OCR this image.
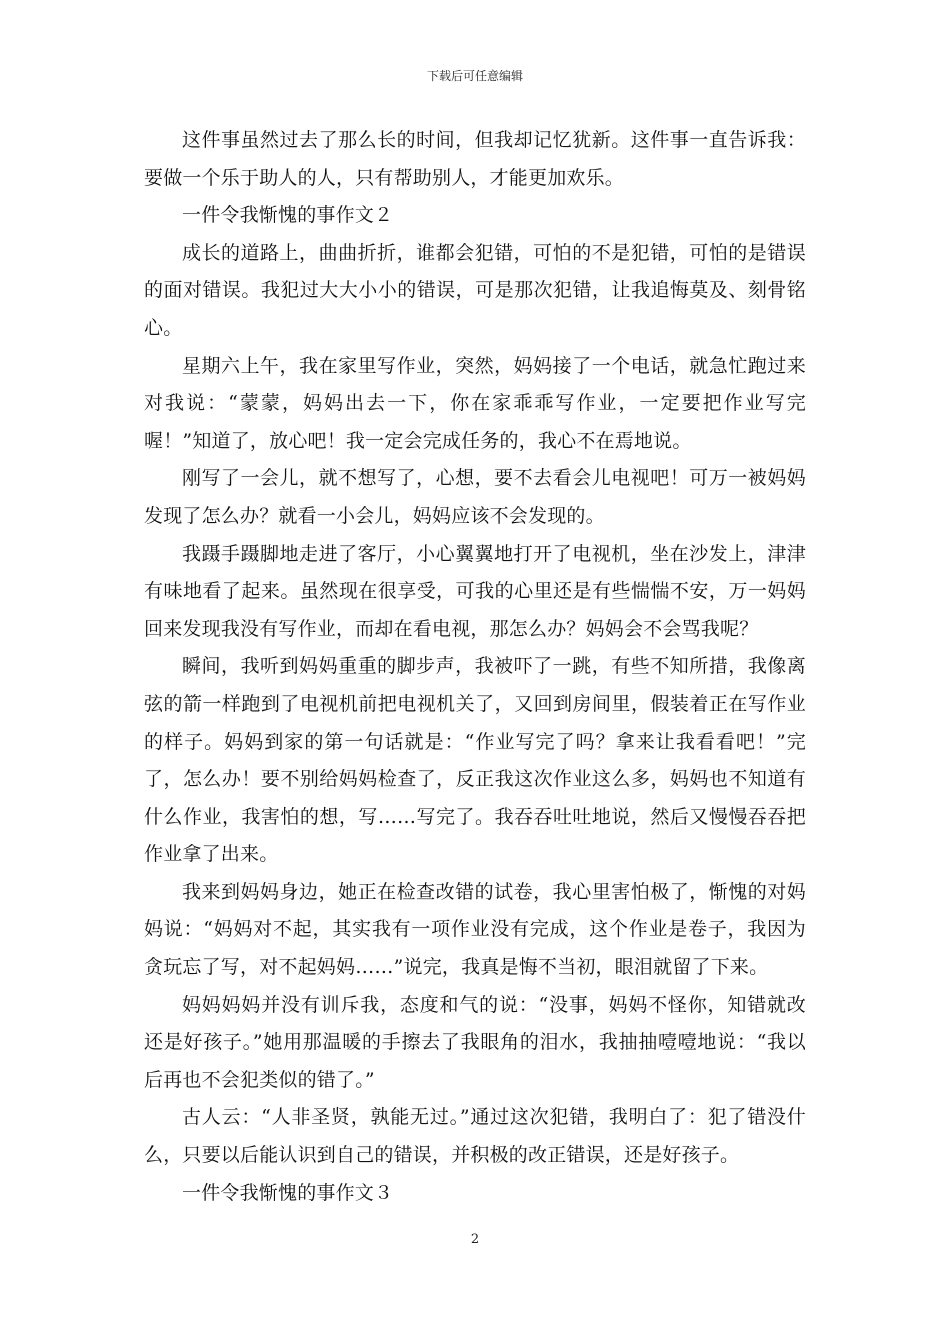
下载后可任意编辑

这件事虽然过去了那么长的时间，但我却记忆犹新。这件事一直告诉我：要做一个乐于助人的人，只有帮助别人，才能更加欢乐。

一件令我惭愧的事作文２

成长的道路上，曲曲折折，谁都会犯错，可怕的不是犯错，可怕的是错误的面对错误。我犯过大大小小的错误，可是那次犯错，让我追悔莫及、刻骨铭心。

星期六上午，我在家里写作业，突然，妈妈接了一个电话，就急忙跑过来对我说：“蒙蒙，妈妈出去一下，你在家乖乖写作业，一定要把作业写完喔！”知道了，放心吧！我一定会完成任务的，我心不在焉地说。

刚写了一会儿，就不想写了，心想，要不去看会儿电视吧！可万一被妈妈发现了怎么办？就看一小会儿，妈妈应该不会发现的。

我蹑手蹑脚地走进了客厅，小心翼翼地打开了电视机，坐在沙发上，津津有味地看了起来。虽然现在很享受，可我的心里还是有些惴惴不安，万一妈妈回来发现我没有写作业，而却在看电视，那怎么办？妈妈会不会骂我呢？

瞬间，我听到妈妈重重的脚步声，我被吓了一跳，有些不知所措，我像离弦的箭一样跑到了电视机前把电视机关了，又回到房间里，假装着正在写作业的样子。妈妈到家的第一句话就是：“作业写完了吗？拿来让我看看吧！”完了，怎么办！要不别给妈妈检查了，反正我这次作业这么多，妈妈也不知道有什么作业，我害怕的想，写……写完了。我吞吞吐吐地说，然后又慢慢吞吞把作业拿了出来。

我来到妈妈身边，她正在检查改错的试卷，我心里害怕极了，惭愧的对妈妈说：“妈妈对不起，其实我有一项作业没有完成，这个作业是卷子，我因为贪玩忘了写，对不起妈妈……”说完，我真是悔不当初，眼泪就留了下来。

妈妈妈妈并没有训斥我，态度和气的说：“没事，妈妈不怪你，知错就改还是好孩子。”她用那温暖的手擦去了我眼角的泪水，我抽抽噎噎地说：“我以后再也不会犯类似的错了。”

古人云：“人非圣贤，孰能无过。”通过这次犯错，我明白了：犯了错没什么，只要以后能认识到自己的错误，并积极的改正错误，还是好孩子。

一件令我惭愧的事作文３

2
